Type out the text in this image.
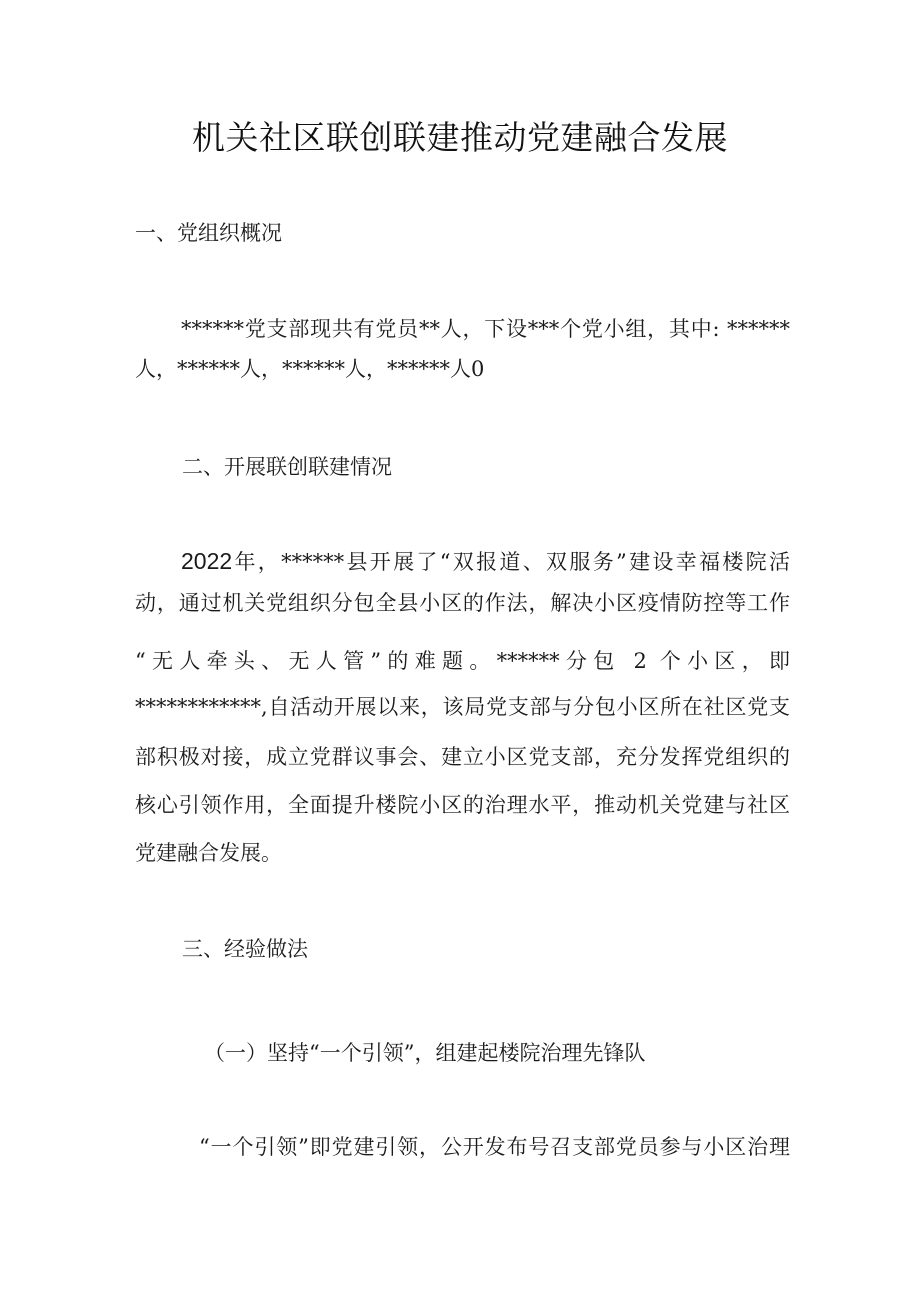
机关社区联创联建推动党建融合发展
一、党组织概况
******党支部现共有党员**人，下设***个党小组，其中: ******
人，******人，******人，******人0
二、开展联创联建情况
2022年，******县开展了“双报道、双服务”建设幸福楼院活
动，通过机关党组织分包全县小区的作法，解决小区疫情防控等工作
“无人牵头、无人管”的难题。******分包 2 个小区，即
************,自活动开展以来，该局党支部与分包小区所在社区党支
部积极对接，成立党群议事会、建立小区党支部，充分发挥党组织的
核心引领作用，全面提升楼院小区的治理水平，推动机关党建与社区
党建融合发展。
三、经验做法
（一）坚持“一个引领”，组建起楼院治理先锋队
“一个引领”即党建引领，公开发布号召支部党员参与小区治理
